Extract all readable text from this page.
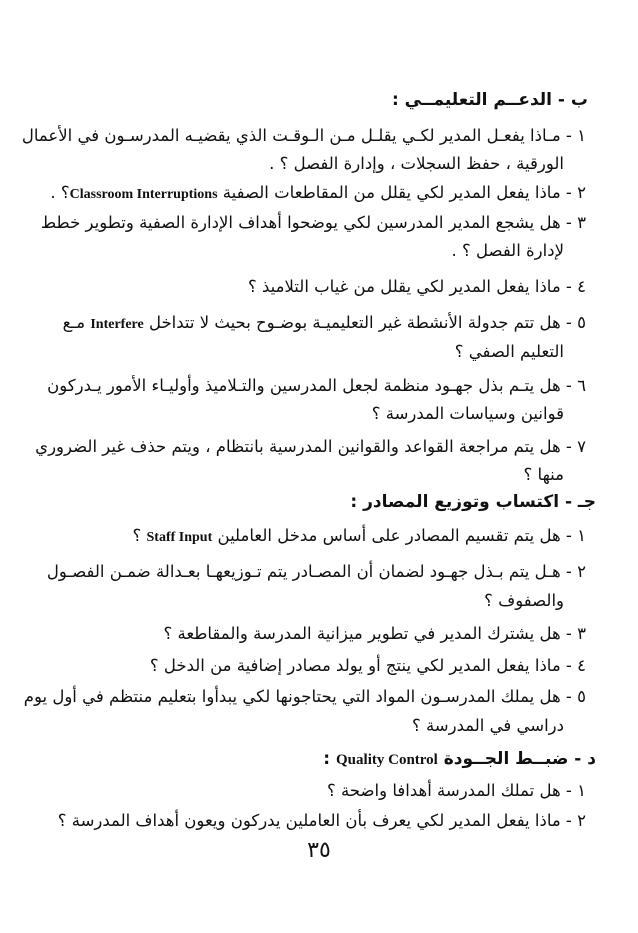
ب - الدعــم التعليمــي :
١ - مـاذا يفعـل المدير لكـي يقلـل مـن الـوقـت الذي يقضيـه المدرسـون في الأعمال
الورقية ، حفظ السجلات ، وإدارة الفصل ؟ .
٢ - ماذا يفعل المدير لكي يقلل من المقاطعات الصفية Classroom Interruptions؟ .
٣ - هل يشجع المدير المدرسين لكي يوضحوا أهداف الإدارة الصفية وتطوير خطط
لإدارة الفصل ؟ .
٤ - ماذا يفعل المدير لكي يقلل من غياب التلاميذ ؟
٥ - هل تتم جدولة الأنشطة غير التعليميـة بوضـوح بحيث لا تتداخل Interfere مـع
التعليم الصفي ؟
٦ - هل يتـم بذل جهـود منظمة لجعل المدرسين والتـلاميذ وأوليـاء الأمور يـدركون
قوانين وسياسات المدرسة ؟
٧ - هل يتم مراجعة القواعد والقوانين المدرسية بانتظام ، ويتم حذف غير الضروري
منها ؟
جـ - اكتساب وتوزيع المصادر :
١ - هل يتم تقسيم المصادر على أساس مدخل العاملين Staff Input ؟
٢ - هـل يتم بـذل جهـود لضمان أن المصـادر يتم تـوزيعهـا بعـدالة ضمـن الفصـول
والصفوف ؟
٣ - هل يشترك المدير في تطوير ميزانية المدرسة والمقاطعة ؟
٤ - ماذا يفعل المدير لكي ينتج أو يولد مصادر إضافية من الدخل ؟
٥ - هل يملك المدرسـون المواد التي يحتاجونها لكي يبدأوا بتعليم منتظم في أول يوم
دراسي في المدرسة ؟
د - ضبــط الجــودة Quality Control :
١ - هل تملك المدرسة أهدافا واضحة ؟
٢ - ماذا يفعل المدير لكي يعرف بأن العاملين يدركون ويعون أهداف المدرسة ؟
٣٥
